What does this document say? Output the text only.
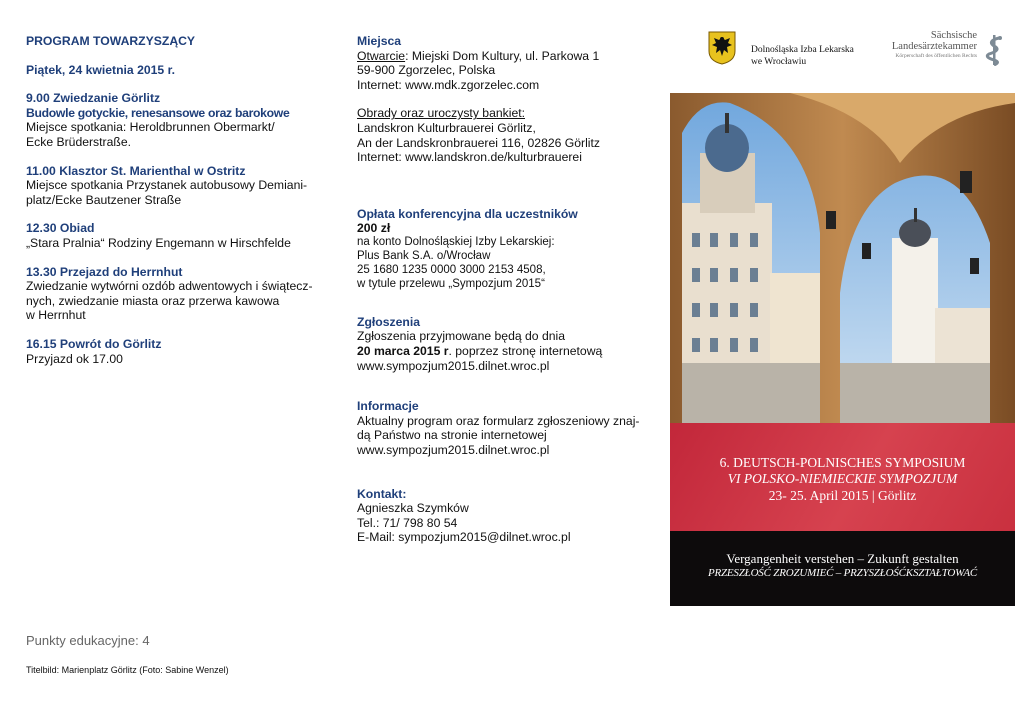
PROGRAM TOWARZYSZĄCY
Piątek, 24 kwietnia 2015 r.
9.00 Zwiedzanie Görlitz
Budowle gotyckie, renesansowe oraz barokowe
Miejsce spotkania: Heroldbrunnen Obermarkt/
Ecke Brüderstraße.
11.00 Klasztor St. Marienthal w Ostritz
Miejsce spotkania Przystanek autobusowy Demiani-
platz/Ecke Bautzener Straße
12.30 Obiad
„Stara Pralnia“ Rodziny Engemann w Hirschfelde
13.30 Przejazd do Herrnhut
Zwiedzanie wytwórni ozdób adwentowych i świątecz-
nych, zwiedzanie miasta oraz przerwa kawowa
w Herrnhut
16.15 Powrót do Görlitz
Przyjazd ok 17.00
Punkty edukacyjne: 4
Titelbild: Marienplatz Görlitz (Foto: Sabine Wenzel)
Miejsca
Otwarcie: Miejski Dom Kultury, ul. Parkowa 1
59-900 Zgorzelec, Polska
Internet: www.mdk.zgorzelec.com
Obrady oraz uroczysty bankiet:
Landskron Kulturbrauerei Görlitz,
An der Landskronbrauerei 116, 02826 Görlitz
Internet: www.landskron.de/kulturbrauerei
Opłata konferencyjna dla uczestników
200 zł
na konto Dolnośląskiej Izby Lekarskiej:
Plus Bank S.A. o/Wrocław
25 1680 1235 0000 3000 2153 4508,
w tytule przelewu „Sympozjum 2015“
Zgłoszenia
Zgłoszenia przyjmowane będą do dnia
20 marca 2015 r. poprzez stronę internetową
www.sympozjum2015.dilnet.wroc.pl
Informacje
Aktualny program oraz formularz zgłoszeniowy znaj-
dą Państwo na stronie internetowej
www.sympozjum2015.dilnet.wroc.pl
Kontakt:
Agnieszka Szymków
Tel.: 71/ 798 80 54
E-Mail: sympozjum2015@dilnet.wroc.pl
Dolnośląska Izba Lekarska
we Wrocławiu
Sächsische
Landesärztekammer
Körperschaft des öffentlichen Rechts
6. DEUTSCH-POLNISCHES SYMPOSIUM
VI POLSKO-NIEMIECKIE SYMPOZJUM
23- 25. April 2015 | Görlitz
Vergangenheit verstehen – Zukunft gestalten
PRZESZŁOŚĆ ZROZUMIEĆ – PRZYSZŁOŚĆKSZTAŁTOWAĆ
